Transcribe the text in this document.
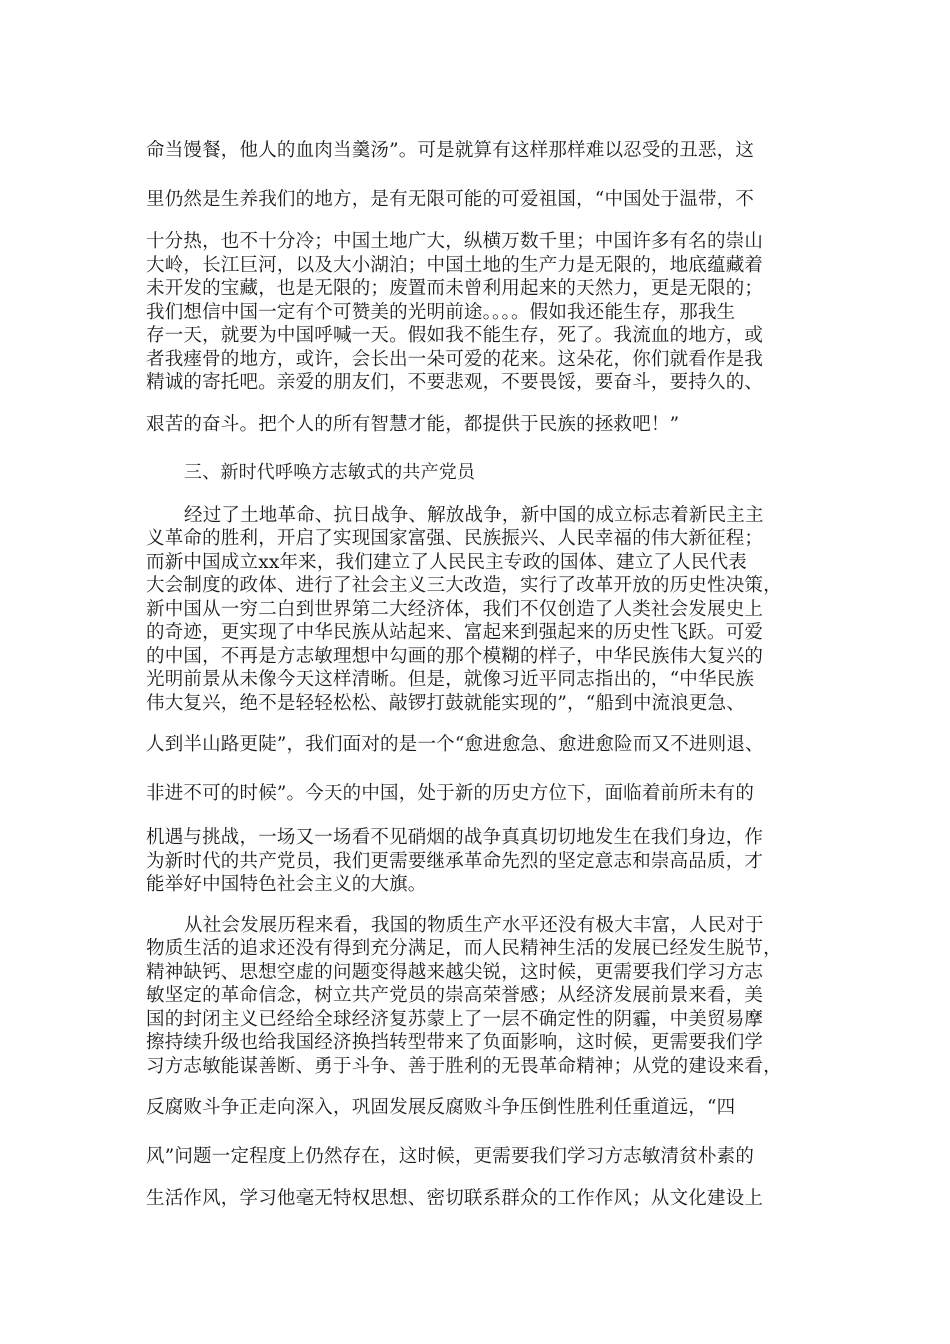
命当馒餐，他人的血肉当羹汤”。可是就算有这样那样难以忍受的丑恶，这
里仍然是生养我们的地方，是有无限可能的可爱祖国，“中国处于温带，不
十分热，也不十分冷；中国土地广大，纵横万数千里；中国许多有名的崇山
大岭，长江巨河，以及大小湖泊；中国土地的生产力是无限的，地底蕴藏着
未开发的宝藏，也是无限的；废置而未曾利用起来的天然力，更是无限的；
我们想信中国一定有个可赞美的光明前途。。。。假如我还能生存，那我生
存一天，就要为中国呼喊一天。假如我不能生存，死了。我流血的地方，或
者我瘗骨的地方，或许，会长出一朵可爱的花来。这朵花，你们就看作是我
精诚的寄托吧。亲爱的朋友们，不要悲观，不要畏馁，要奋斗，要持久的、
艰苦的奋斗。把个人的所有智慧才能，都提供于民族的拯救吧！”
三、新时代呼唤方志敏式的共产党员
经过了土地革命、抗日战争、解放战争，新中国的成立标志着新民主主
义革命的胜利，开启了实现国家富强、民族振兴、人民幸福的伟大新征程；
而新中国成立xx年来，我们建立了人民民主专政的国体、建立了人民代表
大会制度的政体、进行了社会主义三大改造，实行了改革开放的历史性决策，
新中国从一穷二白到世界第二大经济体，我们不仅创造了人类社会发展史上
的奇迹，更实现了中华民族从站起来、富起来到强起来的历史性飞跃。可爱
的中国，不再是方志敏理想中勾画的那个模糊的样子，中华民族伟大复兴的
光明前景从未像今天这样清晰。但是，就像习近平同志指出的，“中华民族
伟大复兴，绝不是轻轻松松、敲锣打鼓就能实现的”，“船到中流浪更急、
人到半山路更陡”，我们面对的是一个“愈进愈急、愈进愈险而又不进则退、
非进不可的时候”。今天的中国，处于新的历史方位下，面临着前所未有的
机遇与挑战，一场又一场看不见硝烟的战争真真切切地发生在我们身边，作
为新时代的共产党员，我们更需要继承革命先烈的坚定意志和崇高品质，才
能举好中国特色社会主义的大旗。
从社会发展历程来看，我国的物质生产水平还没有极大丰富，人民对于
物质生活的追求还没有得到充分满足，而人民精神生活的发展已经发生脱节，
精神缺钙、思想空虚的问题变得越来越尖锐，这时候，更需要我们学习方志
敏坚定的革命信念，树立共产党员的崇高荣誉感；从经济发展前景来看，美
国的封闭主义已经给全球经济复苏蒙上了一层不确定性的阴霾，中美贸易摩
擦持续升级也给我国经济换挡转型带来了负面影响，这时候，更需要我们学
习方志敏能谋善断、勇于斗争、善于胜利的无畏革命精神；从党的建设来看，
反腐败斗争正走向深入，巩固发展反腐败斗争压倒性胜利任重道远，“四
风”问题一定程度上仍然存在，这时候，更需要我们学习方志敏清贫朴素的
生活作风，学习他毫无特权思想、密切联系群众的工作作风；从文化建设上
